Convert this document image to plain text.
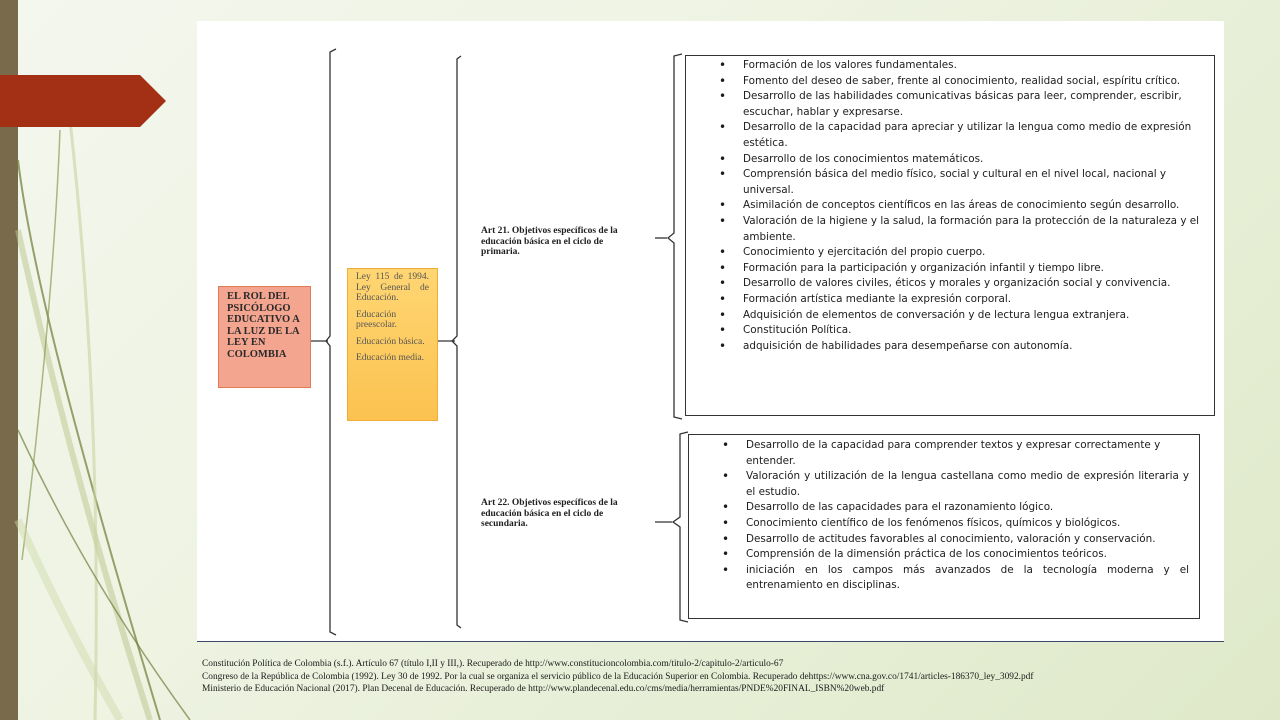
EL ROL DEL PSICÓLOGO EDUCATIVO A LA LUZ DE LA LEY EN COLOMBIA

Ley 115 de 1994. Ley General de Educación.

Educación preescolar.

Educación básica.

Educación media.

Art 21. Objetivos específicos de la educación básica en el ciclo de primaria.
Art 22. Objetivos específicos de la educación básica en el ciclo de secundaria.
• Formación de los valores fundamentales.
• Fomento del deseo de saber, frente al conocimiento, realidad social, espíritu crítico.
• Desarrollo de las habilidades comunicativas básicas para leer, comprender, escribir, escuchar, hablar y expresarse.
• Desarrollo de la capacidad para apreciar y utilizar la lengua como medio de expresión estética.
• Desarrollo de los conocimientos matemáticos.
• Comprensión básica del medio físico, social y cultural en el nivel local, nacional y universal.
• Asimilación de conceptos científicos en las áreas de conocimiento según desarrollo.
• Valoración de la higiene y la salud, la formación para la protección de la naturaleza y el ambiente.
• Conocimiento y ejercitación del propio cuerpo.
• Formación para la participación y organización infantil y tiempo libre.
• Desarrollo de valores civiles, éticos y morales y organización social y convivencia.
• Formación artística mediante la expresión corporal.
• Adquisición de elementos de conversación y de lectura lengua extranjera.
• Constitución Política.
• adquisición de habilidades para desempeñarse con autonomía.
• Desarrollo de la capacidad para comprender textos y expresar correctamente y entender.
• Valoración y utilización de la lengua castellana como medio de expresión literaria y el estudio.
• Desarrollo de las capacidades para el razonamiento lógico.
• Conocimiento científico de los fenómenos físicos, químicos y biológicos.
• Desarrollo de actitudes favorables al conocimiento, valoración y conservación.
• Comprensión de la dimensión práctica de los conocimientos teóricos.
• iniciación en los campos más avanzados de la tecnología moderna y el entrenamiento en disciplinas.
Constitución Política de Colombia (s.f.). Artículo 67 (título I,II y III,). Recuperado de http://www.constitucioncolombia.com/titulo-2/capitulo-2/articulo-67
Congreso de la República de Colombia (1992). Ley 30 de 1992. Por la cual se organiza el servicio público de la Educación Superior en Colombia. Recuperado dehttps://www.cna.gov.co/1741/articles-186370_ley_3092.pdf
Ministerio de Educación Nacional (2017). Plan Decenal de Educación. Recuperado de http://www.plandecenal.edu.co/cms/media/herramientas/PNDE%20FINAL_ISBN%20web.pdf
